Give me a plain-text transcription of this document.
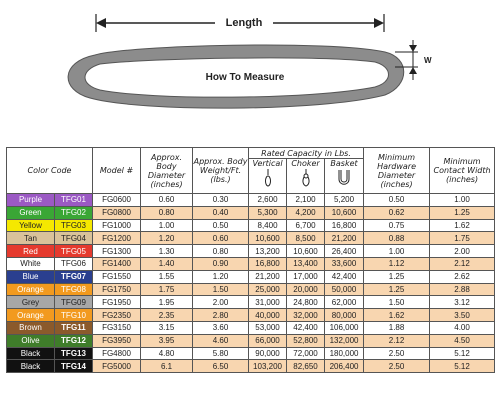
Length
How To Measure
W
Color Code		Model #	Approx. Body Diameter (inches)	Approx. Body Weight/Ft. (lbs.)	Rated Capacity in Lbs.			Minimum Hardware Diameter (inches)	Minimum Contact Width (inches)
					Vertical	Choker	Basket		

Purple	TFG01	FG0600	0.60	0.30	2,600	2,100	5,200	0.50	1.00
Green	TFG02	FG0800	0.80	0.40	5,300	4,200	10,600	0.62	1.25
Yellow	TFG03	FG1000	1.00	0.50	8,400	6,700	16,800	0.75	1.62
Tan	TFG04	FG1200	1.20	0.60	10,600	8,500	21,200	0.88	1.75
Red	TFG05	FG1300	1.30	0.80	13,200	10,600	26,400	1.00	2.00
White	TFG06	FG1400	1.40	0.90	16,800	13,400	33,600	1.12	2.12
Blue	TFG07	FG1550	1.55	1.20	21,200	17,000	42,400	1.25	2.62
Orange	TFG08	FG1750	1.75	1.50	25,000	20,000	50,000	1.25	2.88
Grey	TFG09	FG1950	1.95	2.00	31,000	24,800	62,000	1.50	3.12
Orange	TFG10	FG2350	2.35	2.80	40,000	32,000	80,000	1.62	3.50
Brown	TFG11	FG3150	3.15	3.60	53,000	42,400	106,000	1.88	4.00
Olive	TFG12	FG3950	3.95	4.60	66,000	52,800	132,000	2.12	4.50
Black	TFG13	FG4800	4.80	5.80	90,000	72,000	180,000	2.50	5.12
Black	TFG14	FG5000	6.1	6.50	103,200	82,650	206,400	2.50	5.12
